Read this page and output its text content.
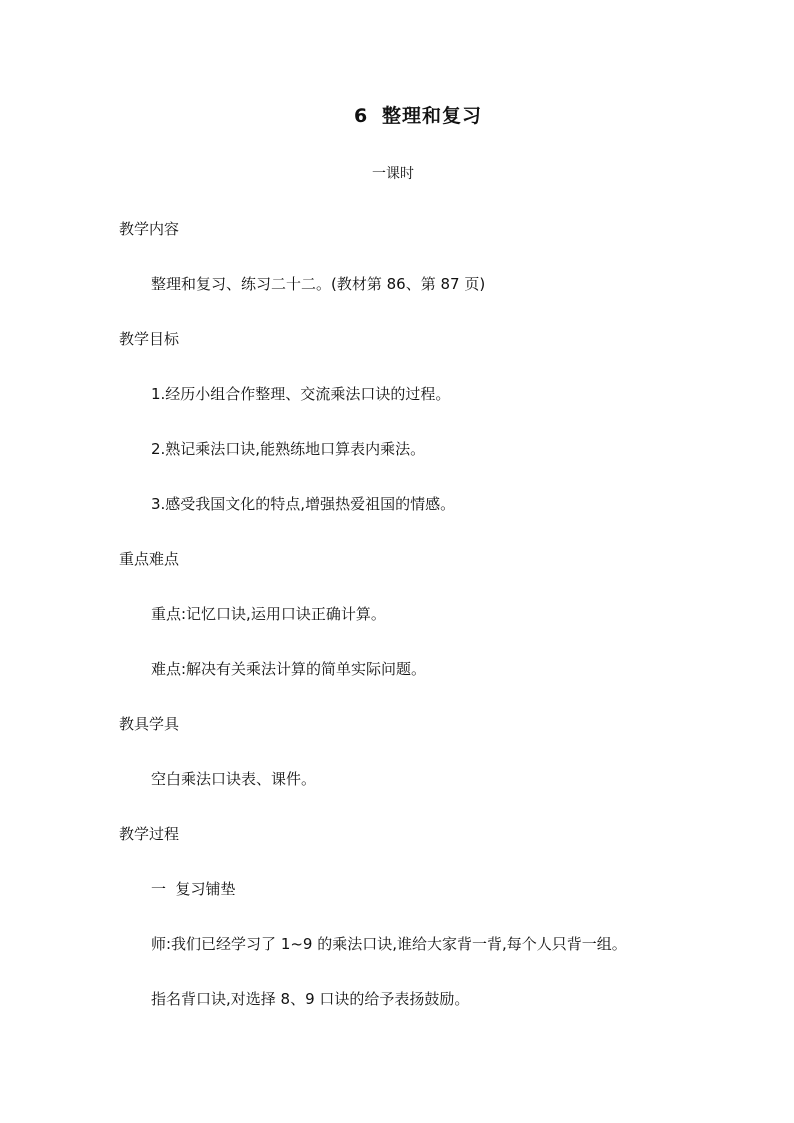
6 整理和复习
一课时
教学内容
整理和复习、练习二十二。(教材第 86、第 87 页)
教学目标
1.经历小组合作整理、交流乘法口诀的过程。
2.熟记乘法口诀,能熟练地口算表内乘法。
3.感受我国文化的特点,增强热爱祖国的情感。
重点难点
重点:记忆口诀,运用口诀正确计算。
难点:解决有关乘法计算的简单实际问题。
教具学具
空白乘法口诀表、课件。
教学过程
一  复习铺垫
师:我们已经学习了 1~9 的乘法口诀,谁给大家背一背,每个人只背一组。
指名背口诀,对选择 8、9 口诀的给予表扬鼓励。
